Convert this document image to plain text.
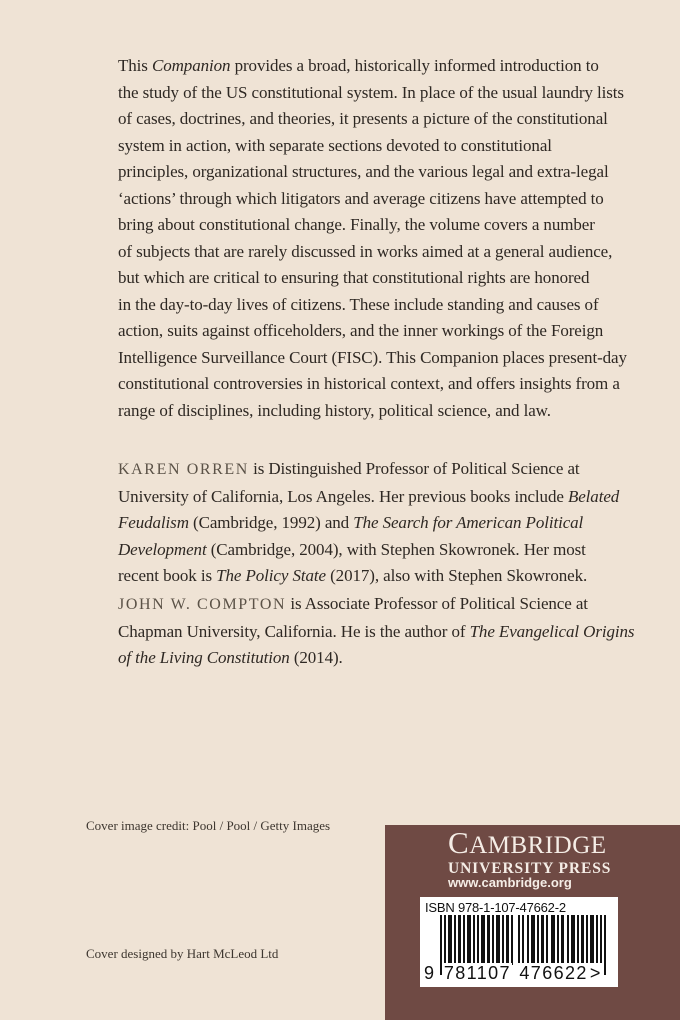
This Companion provides a broad, historically informed introduction to
the study of the US constitutional system. In place of the usual laundry lists
of cases, doctrines, and theories, it presents a picture of the constitutional
system in action, with separate sections devoted to constitutional
principles, organizational structures, and the various legal and extra-legal
‘actions’ through which litigators and average citizens have attempted to
bring about constitutional change. Finally, the volume covers a number
of subjects that are rarely discussed in works aimed at a general audience,
but which are critical to ensuring that constitutional rights are honored
in the day-to-day lives of citizens. These include standing and causes of
action, suits against officeholders, and the inner workings of the Foreign
Intelligence Surveillance Court (FISC). This Companion places present-day
constitutional controversies in historical context, and offers insights from a
range of disciplines, including history, political science, and law.
KAREN ORREN is Distinguished Professor of Political Science at
University of California, Los Angeles. Her previous books include Belated
Feudalism (Cambridge, 1992) and The Search for American Political
Development (Cambridge, 2004), with Stephen Skowronek. Her most
recent book is The Policy State (2017), also with Stephen Skowronek.
JOHN W. COMPTON is Associate Professor of Political Science at
Chapman University, California. He is the author of The Evangelical Origins
of the Living Constitution (2014).
Cover image credit: Pool / Pool / Getty Images
Cover designed by Hart McLeod Ltd
CAMBRIDGE
UNIVERSITY PRESS
www.cambridge.org
ISBN 978-1-107-47662-2
9 781107 476622 >
